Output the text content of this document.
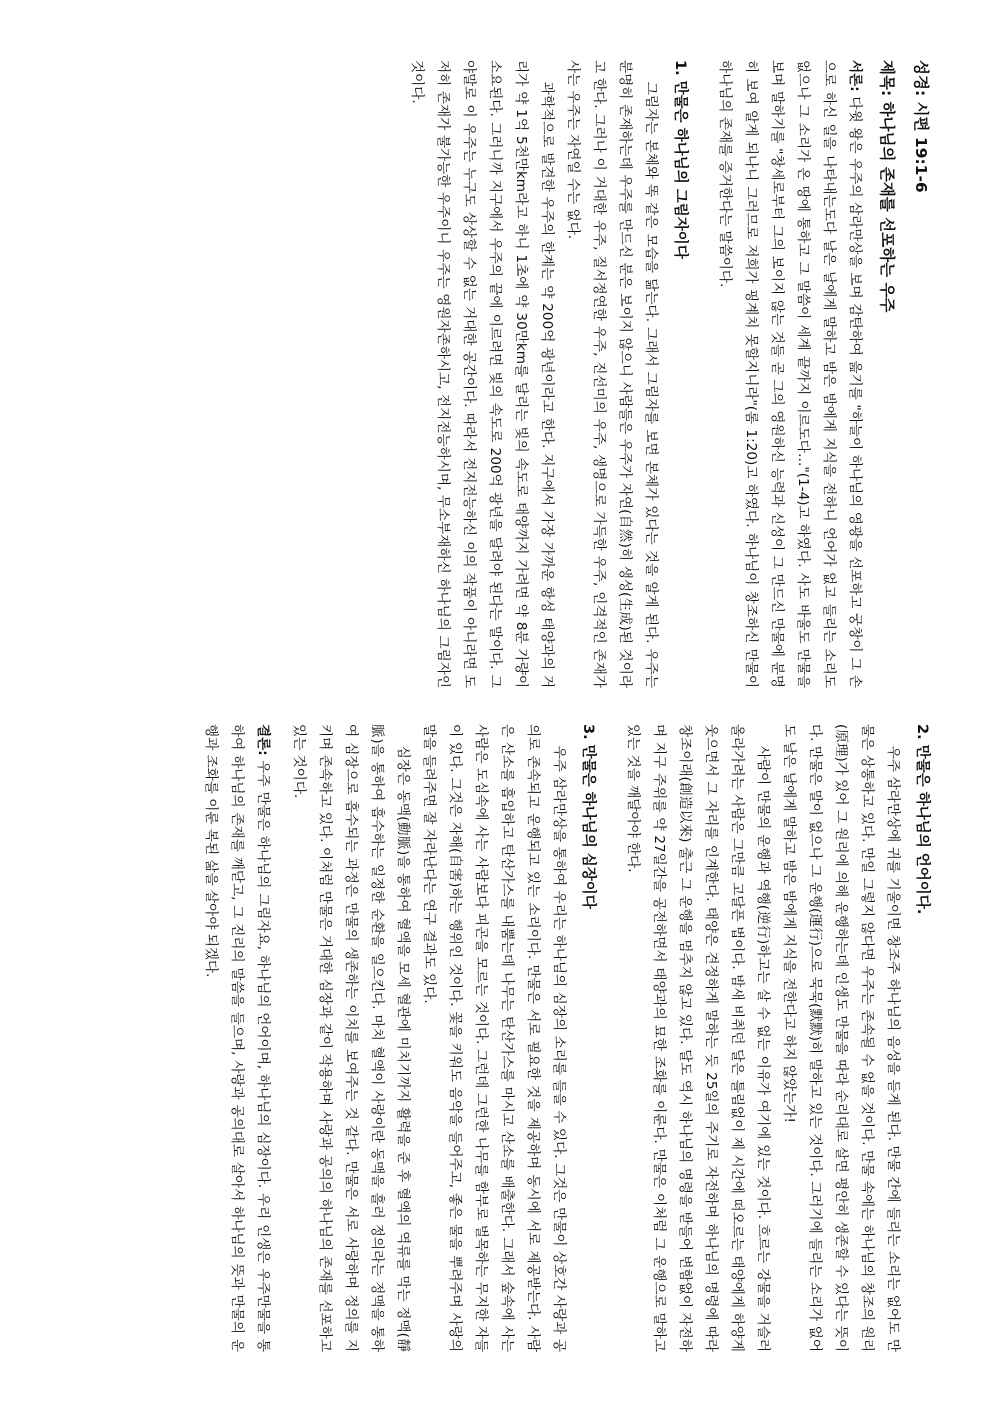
성경: 시편 19:1-6
제목: 하나님의 존재를 선포하는 우주

서론: 다윗 왕은 우주의 삼라만상을 보며 감탄하여 읊기를 "하늘이 하나님의 영광을 선포하고 궁창이 그 손으로 하신 일을 나타내는도다 날은 날에게 말하고 밤은 밤에게 지식을 전하니 언어가 없고 들리는 소리도 없으나 그 소리가 온 땅에 통하고 그 말씀이 세계 끝까지 이르도다…"(1-4)고 하였다. 사도 바울도 만물을 보며 말하기를 "창세로부터 그의 보이지 않는 것들 곧 그의 영원하신 능력과 신성이 그 만드신 만물에 분명히 보여 알게 되나니 그러므로 저희가 핑계치 못할지니라"(롬 1:20)고 하였다. 하나님이 창조하신 만물이 하나님의 존재를 증거한다는 말씀이다.

1. 만물은 하나님의 그림자이다

그림자는 본체와 똑 같은 모습을 닮는다. 그래서 그림자를 보면 본체가 있다는 것을 알게 된다. 우주는 분명히 존재하는데 우주를 만드신 분은 보이지 않으니 사람들은 우주가 자연(自然)히 생성(生成)된 것이라고 한다. 그러나 이 거대한 우주, 질서정연한 우주, 진선미의 우주, 생명으로 가득한 우주, 인격적인 존재가 사는 우주는 자연일 수는 없다.

과학적으로 발견한 우주의 한계는 약 200억 광년이라고 한다. 지구에서 가장 가까운 항성 태양과의 거리가 약 1억 5천만km라고 하니 1초에 약 30만km를 달리는 빛의 속도로 태양까지 가려면 약 8분 가량이 소요된다. 그러니까 지구에서 우주의 끝에 이르려면 빛의 속도로 200억 광년을 달려야 된다는 말이다. 그야말로 이 우주는 누구도 상상할 수 없는 거대한 공간이다. 따라서 전지전능하신 이의 작품이 아니라면 도저히 존재가 불가능한 우주이니 우주는 영원자존하시고, 전지전능하시며, 무소부재하신 하나님의 그림자인 것이다.

2. 만물은 하나님의 언어이다.

우주 삼라만상에 귀를 기울이면 창조주 하나님의 음성을 듣게 된다. 만물 간에 들리는 소리는 없어도 만물은 상통하고 있다. 만일 그렇지 않다면 우주는 존속될 수 없을 것이다. 만물 속에는 하나님의 창조의 원리(原理)가 있어 그 원리에 의해 운행하는데 인생도 만물을 따라 순리대로 살면 평안히 생존할 수 있다는 뜻이다. 만물은 말이 없으나 그 운행(運行)으로 묵묵(默默)히 말하고 있는 것이다. 그러기에 들리는 소리가 없어도 날은 날에게 말하고 밤은 밤에게 지식을 전한다고 하지 않았는가!

사람이 만물의 운행과 역행(逆行)하고는 살 수 없는 이유가 여기에 있는 것이다. 흐르는 강물을 거슬러 올라가려는 사람은 그만큼 고달픈 법이다. 밤새 비취던 달은 틀림없이 제 시간에 떠오르는 태양에게 하양게 웃으면서 그 자리를 인계한다. 태양은 견정하게 말하는 듯 25일의 주기로 자전하며 하나님의 명령에 따라 창조이래(創造以來) 출근 그 운행을 멈추지 않고 있다. 달도 역시 하나님의 명령을 받들어 변함없이 자전하며 지구 주위를 약 27일간을 공전하면서 태양과의 묘한 조화를 이룬다. 만물은 이처럼 그 운행으로 말하고 있는 것을 깨달아야 한다.

3. 만물은 하나님의 심장이다

우주 삼라만상을 통하여 우리는 하나님의 심장의 소리를 들을 수 있다. 그것은 만물이 상호간 사랑과 공의로 존속되고 운행되고 있는 소리이다. 만물은 서로 필요한 것을 제공하며 동시에 서로 제공받는다. 사람은 산소를 흡입하고 탄산가스를 내뿜는데 나무는 탄산가스를 마시고 산소를 배출한다. 그래서 숲속에 사는 사람은 도심속에 사는 사람보다 피곤을 모르는 것이다. 그런데 그런한 나무를 함부로 벌목하는 무지한 자들이 있다. 그것은 자해(自害)하는 행위인 것이다. 꽃을 키워도 음악을 들어주고, 좋은 물을 뿌려주며 사랑의 말을 들려주면 잘 자라난다는 연구 결과도 있다.

심장은 동맥(動脈)을 통하여 혈액을 모세 혈관에 미치기까지 활력을 준 후 혈액의 역류를 막는 정맥(靜脈)을 통하여 흡수하는 일정한 순환을 일으킨다. 마치 혈액이 사랑이란 동맥을 흘러 정의라는 정맥을 통하여 심장으로 흡수되는 과정은 만물의 생존하는 이치를 보여주는 것 같다. 만물은 서로 사랑하며 정의를 지키며 존속하고 있다. 이처럼 만물은 거대한 심장과 같이 작용하며 사랑과 공의의 하나님의 존재를 선포하고 있는 것이다.

결론: 우주 만물은 하나님의 그림자요, 하나님의 언어이며, 하나님의 심장이다. 우리 인생은 우주만물을 통하여 하나님의 존재를 깨닫고, 그 진리의 말씀을 들으며, 사랑과 공의대로 살아서 하나님의 뜻과 만물의 운행과 조화를 이룬 복된 삶을 살아야 되겠다.
